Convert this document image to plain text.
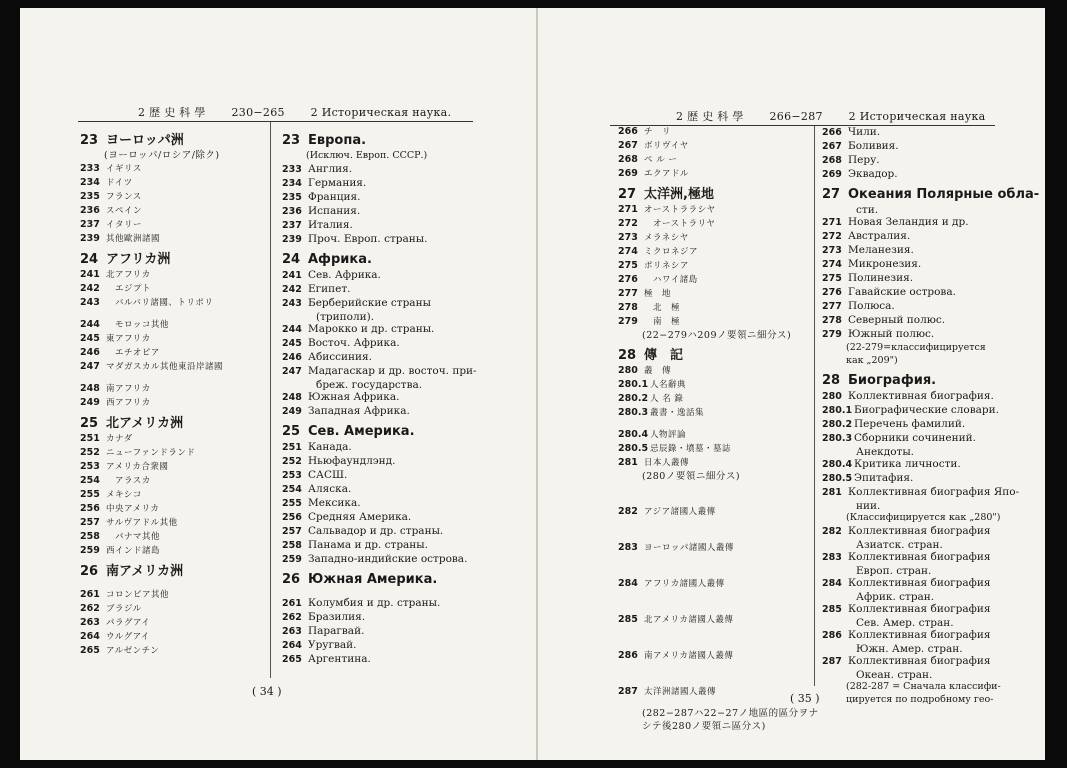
2 歴 史 科 學 230−265 2 Историческая наука.
23 ヨーロッパ洲
(ヨーロッパ/ロシア/除ク)
233 イギリス
234 ドイツ
235 フランス
236 スペイン
237 イタリー
239 其他歐洲諸國
24 アフリカ洲
241 北アフリカ
242　エジプト
243　バルバリ諸國、トリポリ
244　モロッコ其他
245 東アフリカ
246　エチオピア
247 マダガスカル其他東沿岸諸國
248 南アフリカ
249 西アフリカ
25 北アメリカ洲
251 カナダ
252 ニューファンドランド
253 アメリカ合衆國
254　アラスカ
255 メキシコ
256 中央アメリカ
257 サルヴアドル其他
258　パナマ其他
259 西インド諸島
26 南アメリカ洲
261 コロンビア其他
262 ブラジル
263 パラグアイ
264 ウルグアイ
265 アルゼンチン
23 Европа.
(Исключ. Европ. СССР.)
233 Англия.
234 Германия.
235 Франция.
236 Испания.
237 Италия.
239 Проч. Европ. страны.
24 Африка.
241 Сев. Африка.
242 Египет.
243 Берберийские страны
(триполи).
244 Марокко и др. страны.
245 Восточ. Африка.
246 Абиссиния.
247 Мадагаскар и др. восточ. при-
бреж. государства.
248 Южная Африка.
249 Западная Африка.
25 Сев. Америка.
251 Канада.
252 Ньюфаундлэнд.
253 САСШ.
254 Аляска.
255 Мексика.
256 Средняя Америка.
257 Сальвадор и др. страны.
258 Панама и др. страны.
259 Западно-индийские острова.
26 Южная Америка.
261 Колумбия и др. страны.
262 Бразилия.
263 Парагвай.
264 Уругвай.
265 Аргентина.
( 34 )
2 歴 史 科 學 266−287 2 Историческая наука
266 チ　リ
267 ボリヴイヤ
268 ペ ル ー
269 エクアドル
27 太洋洲,極地
271 オーストララシヤ
272　オーストラリヤ
273 メラネシヤ
274 ミクロネジア
275 ポリネシア
276　ハワイ諸島
277 極　地
278　北　極
279　南　極
(22−279ハ209ノ要領ニ細分ス)
28 傳　記
280 叢　傳
280.1 人名辭典
280.2 人 名 錄
280.3 叢書・逸話集
280.4 人物評論
280.5 忌辰錄・墳墓・墓誌
281 日本人叢傳
(280ノ要領ニ細分ス)
282 アジア諸國人叢傳
283 ヨーロッパ諸國人叢傳
284 アフリカ諸國人叢傳
285 北アメリカ諸國人叢傳
286 南アメリカ諸國人叢傳
287 太洋洲諸國人叢傳
(282−287ハ22−27ノ地區的區分ヲナ
シテ後280ノ要領ニ區分ス)
266 Чили.
267 Боливия.
268 Перу.
269 Эквадор.
27 Океания Полярные обла-
сти.
271 Новая Зеландия и др.
272 Австралия.
273 Меланезия.
274 Микронезия.
275 Полинезия.
276 Гавайские острова.
277 Полюса.
278 Северный полюс.
279 Южный полюс.
(22-279=классифицируется
как „209")
28 Биография.
280 Коллективная биография.
280.1 Биографические словари.
280.2 Перечень фамилий.
280.3 Сборники сочинений.
Анекдоты.
280.4 Критика личности.
280.5 Эпитафия.
281 Коллективная биография Япо-
нии.
(Классифицируется как „280")
282 Коллективная биография
Азиатск. стран.
283 Коллективная биография
Европ. стран.
284 Коллективная биография
Африк. стран.
285 Коллективная биография
Сев. Амер. стран.
286 Коллективная биография
Южн. Амер. стран.
287 Коллективная биография
Океан. стран.
(282-287 = Сначала классифи-
цируется по подробному гео-
( 35 )
